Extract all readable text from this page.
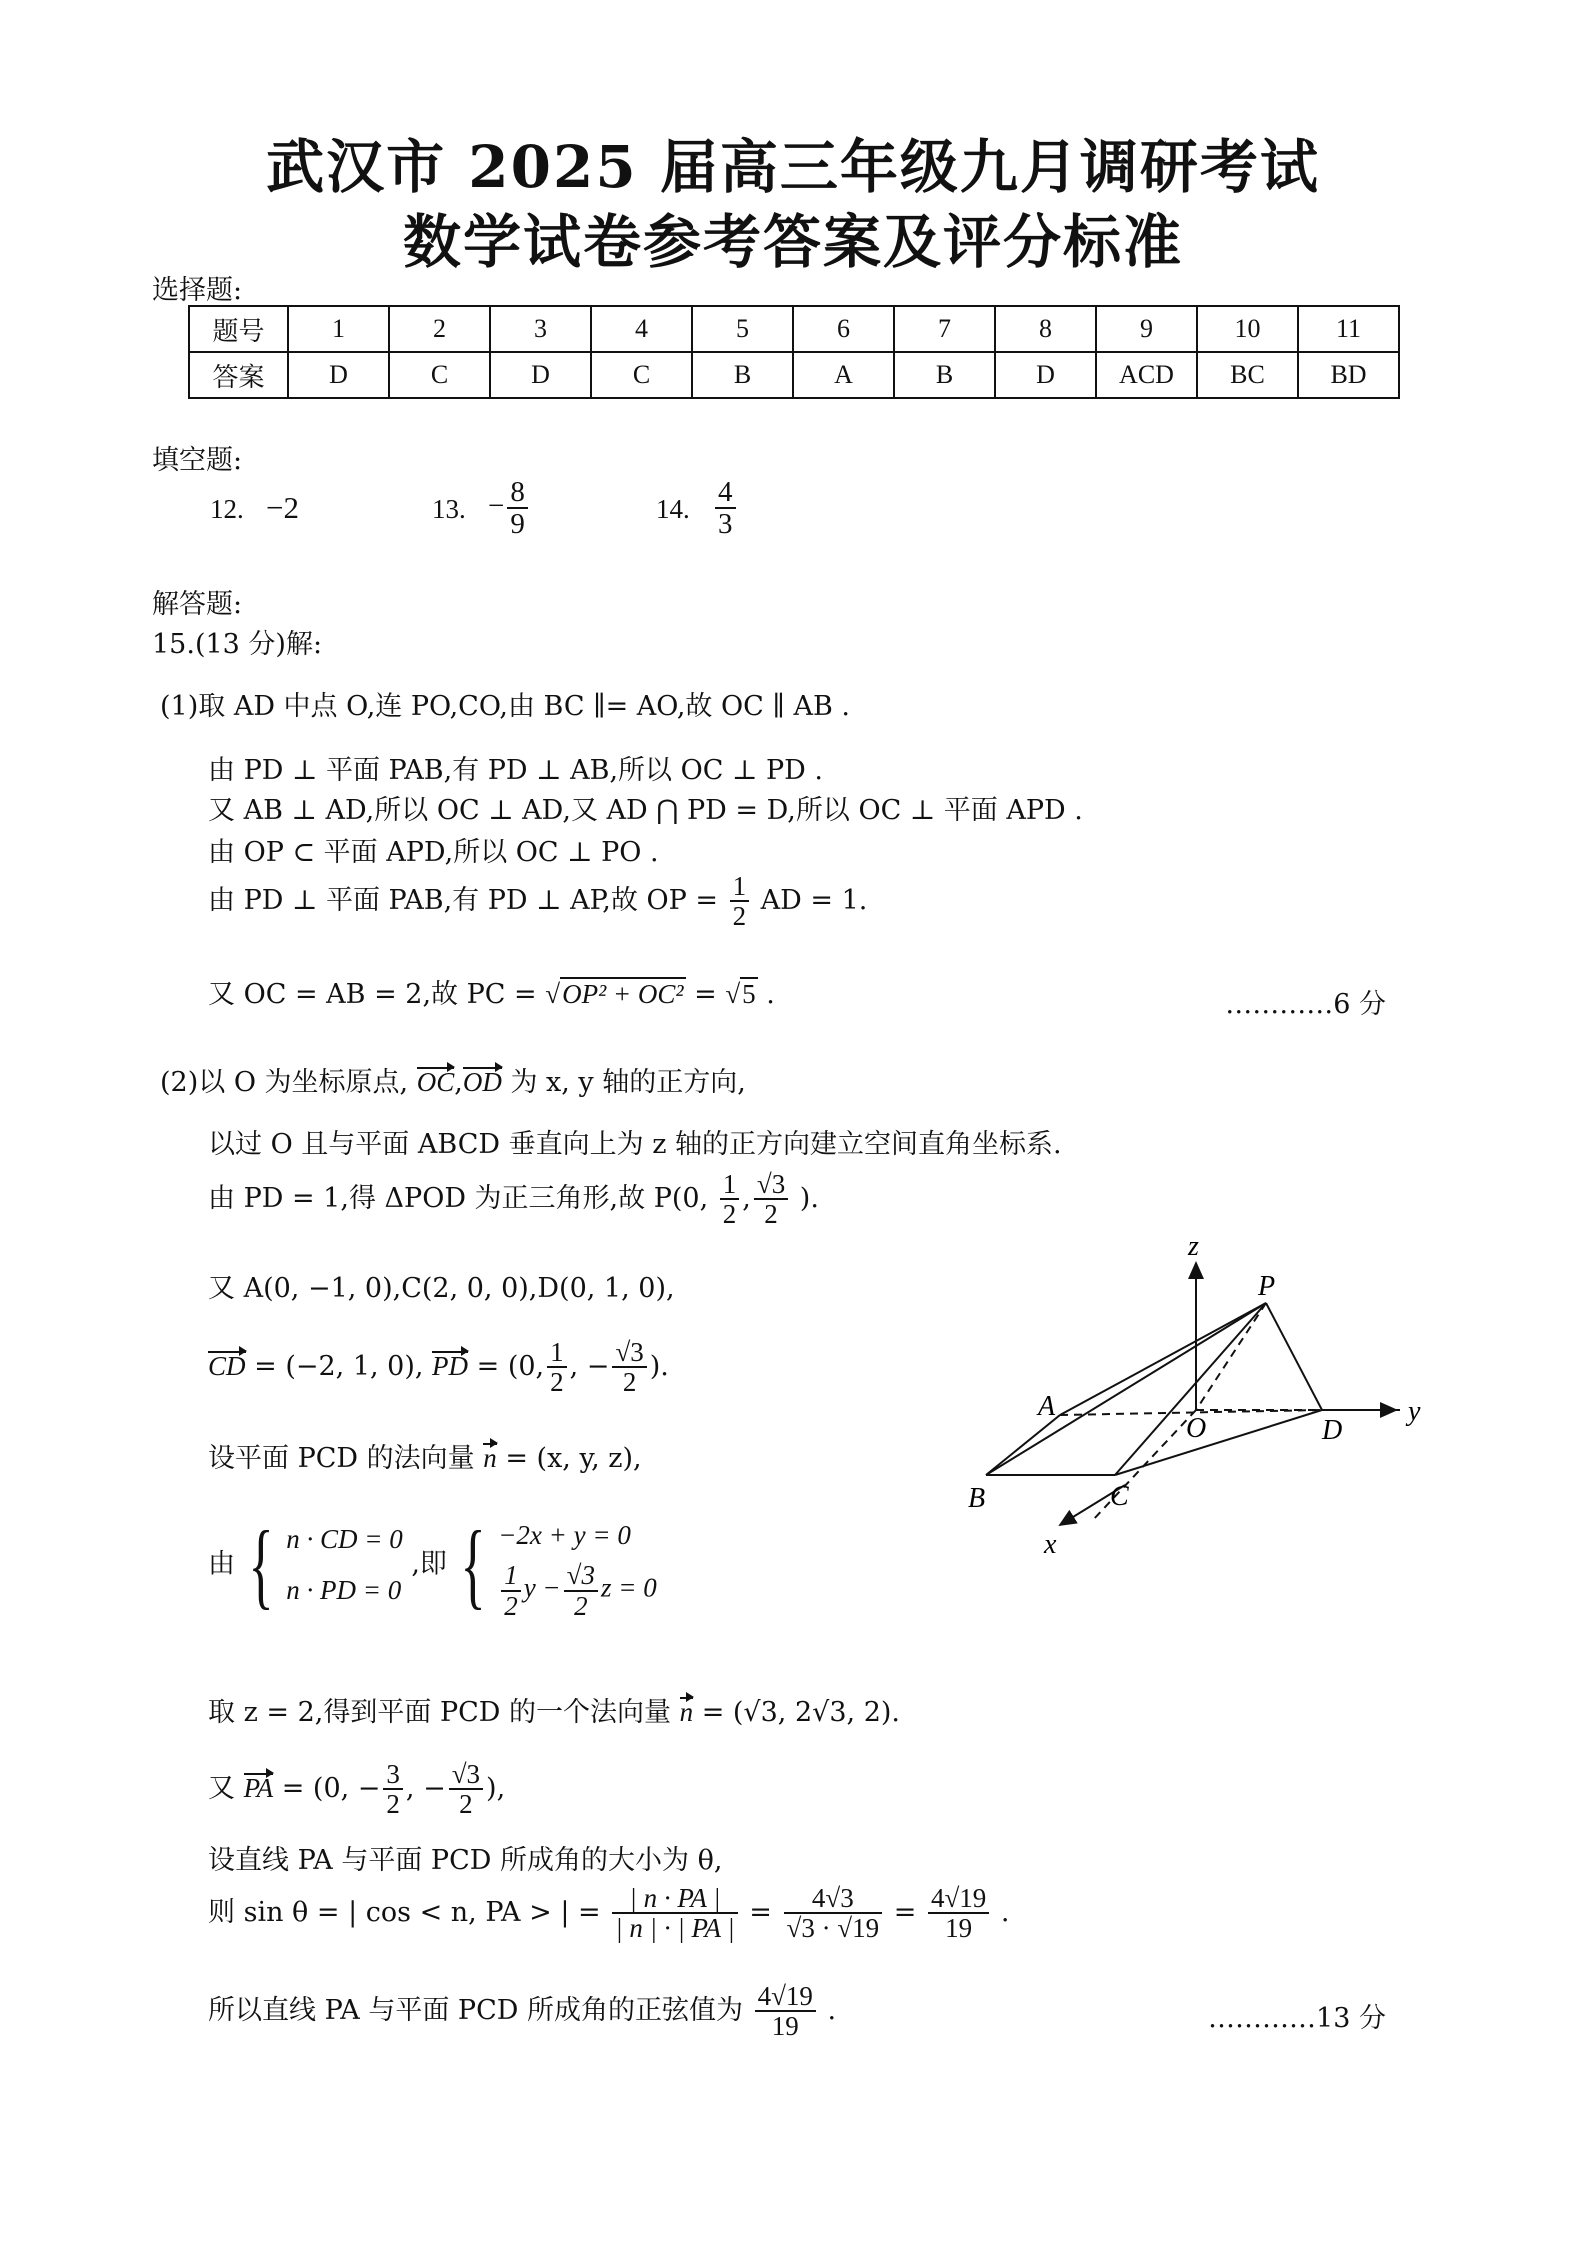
武汉市 2025 届高三年级九月调研考试
数学试卷参考答案及评分标准
选择题:
题号	1	2	3	4	5	6	7	8	9	10	11
答案	D	C	D	C	B	A	B	D	ACD	BC	BD
填空题:
12. −2	13. − $\frac{8}{9}$	14. $\frac{4}{3}$
解答题:
15.(13 分)解:
(1)取 AD 中点 O,连 PO,CO,由 BC ∥= AO,故 OC ∥ AB .
由 PD ⊥ 平面 PAB,有 PD ⊥ AB,所以 OC ⊥ PD .
又 AB ⊥ AD,所以 OC ⊥ AD,又 AD ⋂ PD = D,所以 OC ⊥ 平面 APD .
由 OP ⊂ 平面 APD,所以 OC ⊥ PO .
由 PD ⊥ 平面 PAB,有 PD ⊥ AP,故 OP = $\frac{1}{2}$ AD = 1.
又 OC = AB = 2,故 PC = √OP² + OC² = √5 .	…………6 分
(2)以 O 为坐标原点, OC,OD 为 x, y 轴的正方向,
以过 O 且与平面 ABCD 垂直向上为 z 轴的正方向建立空间直角坐标系.
由 PD = 1,得 ΔPOD 为正三角形,故 P(0, $\frac{1}{2}$ , $\frac{√3}{2}$ ).
又 A(0, −1, 0),C(2, 0, 0),D(0, 1, 0),
CD = (−2, 1, 0), PD = (0, $\frac{1}{2}$ , − $\frac{√3}{2}$ ).
设平面 PCD 的法向量 n = (x, y, z),
由 { n · CD = 0
n · PD = 0
,即 { −2x + y = 0
$\frac{1}{2}$ $y - \frac{√3}{2}$ z = 0
取 z = 2,得到平面 PCD 的一个法向量 n = (√3, 2√3, 2).
又 PA = (0, − $\frac{3}{2}$ , − $\frac{√3}{2}$ ),
设直线 PA 与平面 PCD 所成角的大小为 θ,
则 sin θ = | cos < n, PA > | = $\frac{| n \cdot PA |}{| n | \cdot | PA |} = \frac{4√3}{√3 \cdot √19} = \frac{4√19}{19}$ .
所以直线 PA 与平面 PCD 所成角的正弦值为 $\frac{4√19}{19}$ .	…………13 分
z
y
x
P
A
O	D
B	C
